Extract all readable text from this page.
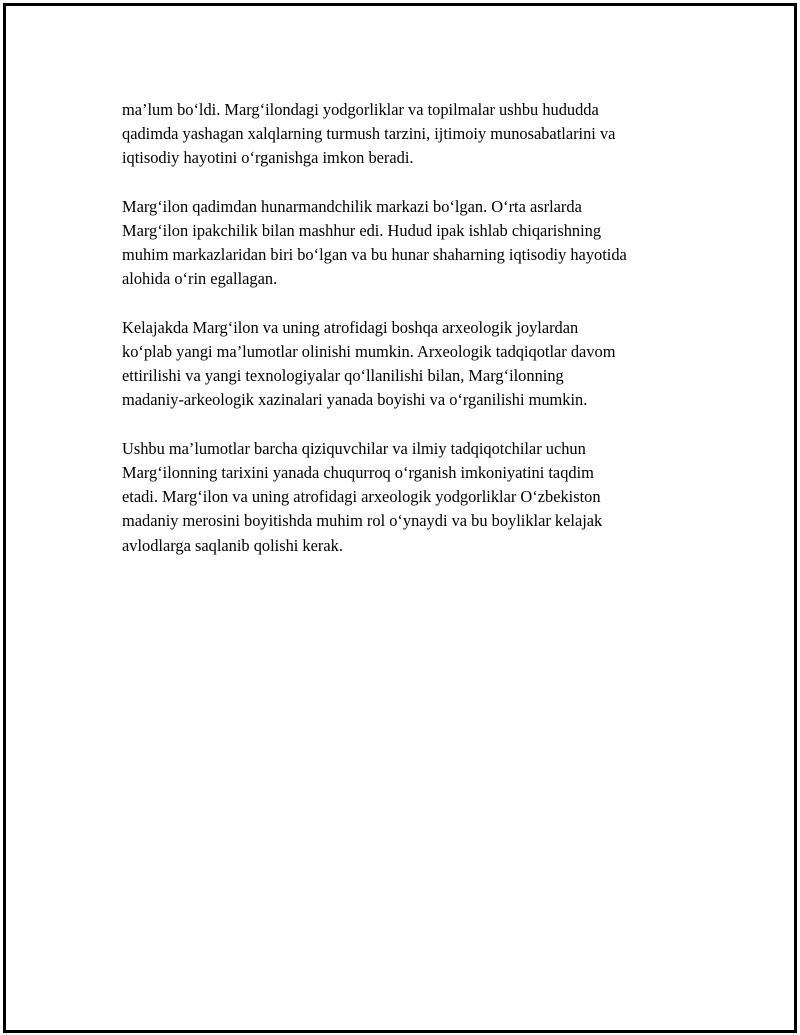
ma’lum bo‘ldi. Marg‘ilondagi yodgorliklar va topilmalar ushbu hududda
qadimda yashagan xalqlarning turmush tarzini, ijtimoiy munosabatlarini va
iqtisodiy hayotini o‘rganishga imkon beradi.

Marg‘ilon qadimdan hunarmandchilik markazi bo‘lgan. O‘rta asrlarda
Marg‘ilon ipakchilik bilan mashhur edi. Hudud ipak ishlab chiqarishning
muhim markazlaridan biri bo‘lgan va bu hunar shaharning iqtisodiy hayotida
alohida o‘rin egallagan.

Kelajakda Marg‘ilon va uning atrofidagi boshqa arxeologik joylardan
ko‘plab yangi ma’lumotlar olinishi mumkin. Arxeologik tadqiqotlar davom
ettirilishi va yangi texnologiyalar qo‘llanilishi bilan, Marg‘ilonning
madaniy-arkeologik xazinalari yanada boyishi va o‘rganilishi mumkin.

Ushbu ma’lumotlar barcha qiziquvchilar va ilmiy tadqiqotchilar uchun
Marg‘ilonning tarixini yanada chuqurroq o‘rganish imkoniyatini taqdim
etadi. Marg‘ilon va uning atrofidagi arxeologik yodgorliklar O‘zbekiston
madaniy merosini boyitishda muhim rol o‘ynaydi va bu boyliklar kelajak
avlodlarga saqlanib qolishi kerak.
